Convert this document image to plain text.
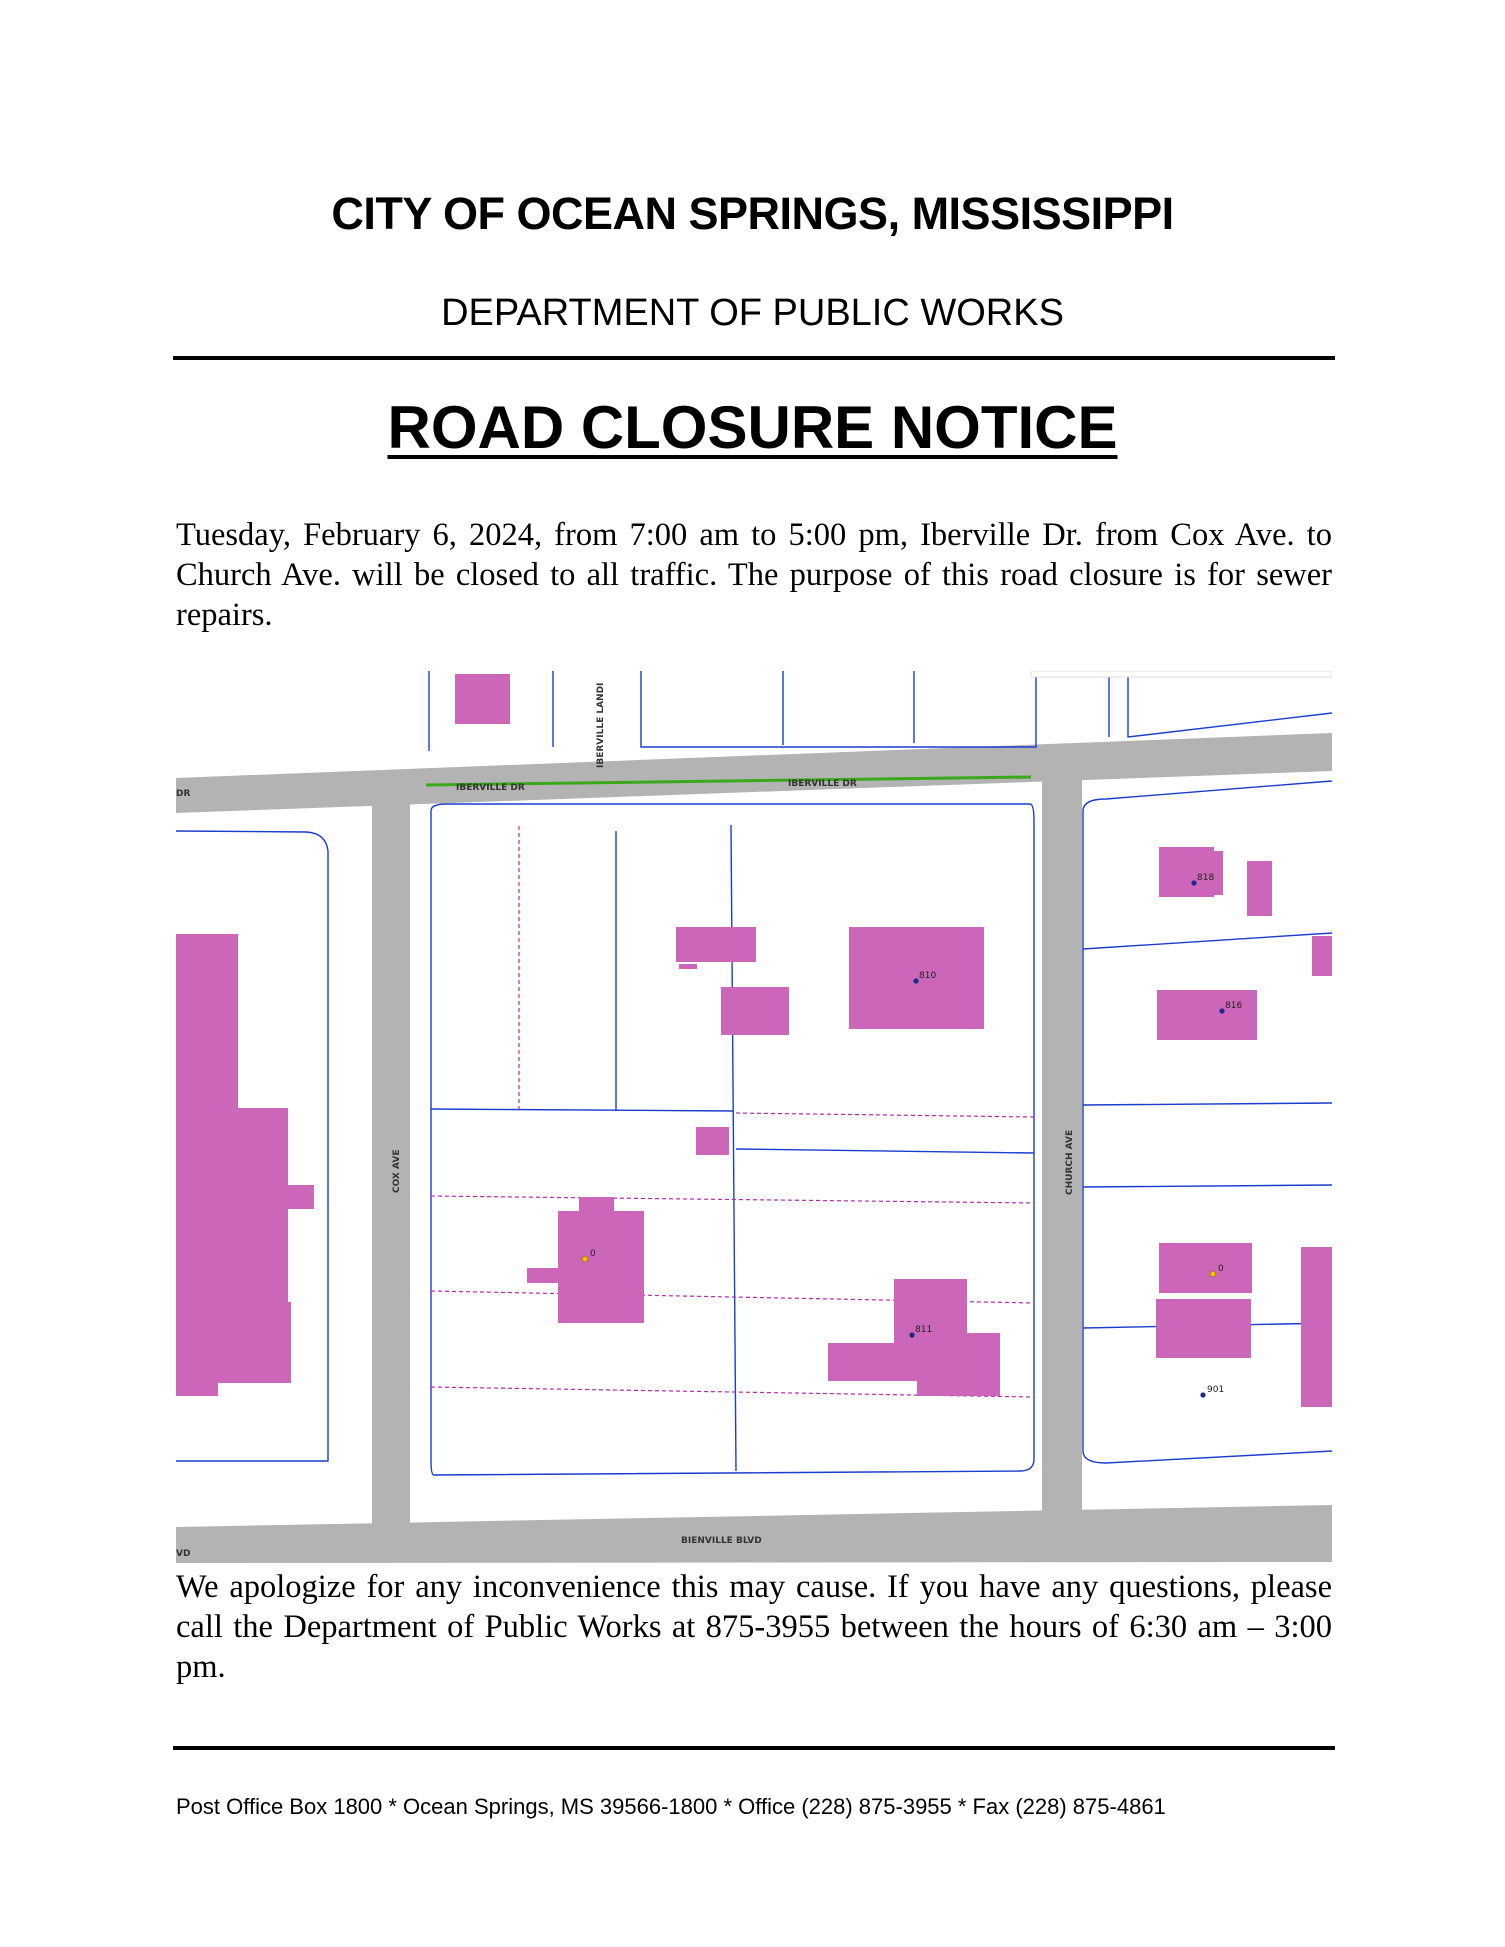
CITY OF OCEAN SPRINGS, MISSISSIPPI
DEPARTMENT OF PUBLIC WORKS
ROAD CLOSURE NOTICE
Tuesday, February 6, 2024, from 7:00 am to 5:00 pm, Iberville Dr. from Cox Ave. to Church Ave. will be closed to all traffic. The purpose of this road closure is for sewer repairs.
DR
IBERVILLE DR	IBERVILLE DR
IBERVILLE LANDI
COX AVE	CHURCH AVE
BIENVILLE BLVD
VD
818
810
816
0
811
0
901
We apologize for any inconvenience this may cause. If you have any questions, please call the Department of Public Works at 875-3955 between the hours of 6:30 am – 3:00 pm.
Post Office Box 1800 * Ocean Springs, MS 39566-1800 * Office (228) 875-3955 * Fax (228) 875-4861
